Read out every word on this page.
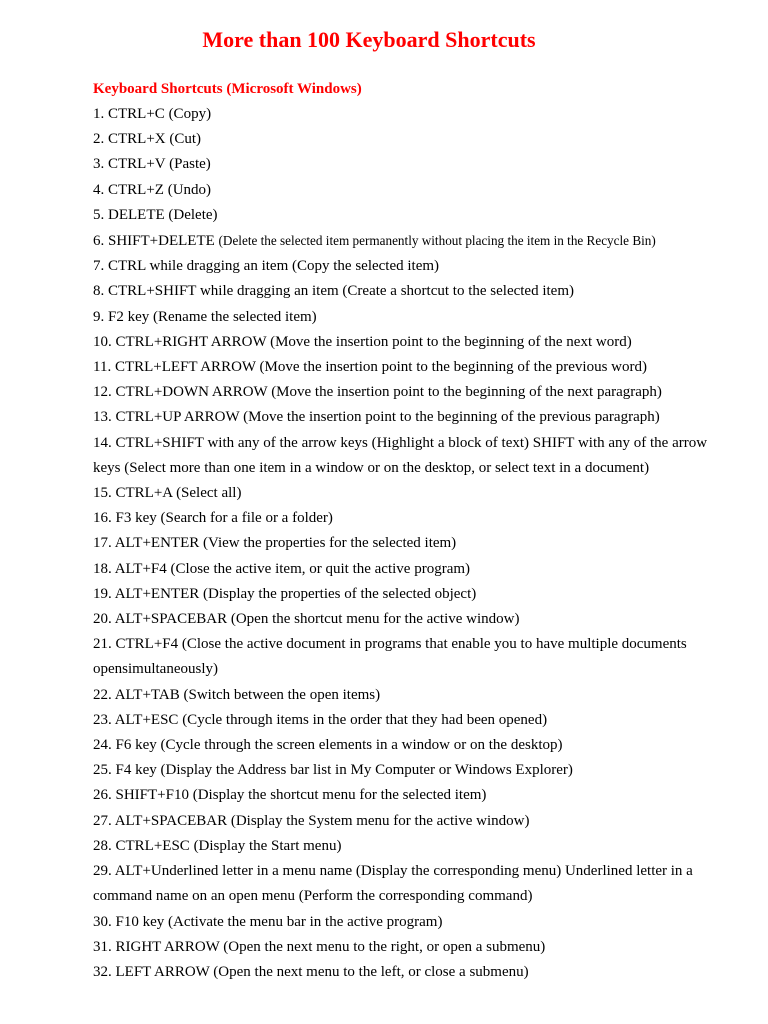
More than 100 Keyboard Shortcuts
Keyboard Shortcuts (Microsoft Windows)
1. CTRL+C (Copy)
2. CTRL+X (Cut)
3. CTRL+V (Paste)
4. CTRL+Z (Undo)
5. DELETE (Delete)
6. SHIFT+DELETE (Delete the selected item permanently without placing the item in the Recycle Bin)
7. CTRL while dragging an item (Copy the selected item)
8. CTRL+SHIFT while dragging an item (Create a shortcut to the selected item)
9. F2 key (Rename the selected item)
10. CTRL+RIGHT ARROW (Move the insertion point to the beginning of the next word)
11. CTRL+LEFT ARROW (Move the insertion point to the beginning of the previous word)
12. CTRL+DOWN ARROW (Move the insertion point to the beginning of the next paragraph)
13. CTRL+UP ARROW (Move the insertion point to the beginning of the previous paragraph)
14. CTRL+SHIFT with any of the arrow keys (Highlight a block of text) SHIFT with any of the arrow keys (Select more than one item in a window or on the desktop, or select text in a document)
15. CTRL+A (Select all)
16. F3 key (Search for a file or a folder)
17. ALT+ENTER (View the properties for the selected item)
18. ALT+F4 (Close the active item, or quit the active program)
19. ALT+ENTER (Display the properties of the selected object)
20. ALT+SPACEBAR (Open the shortcut menu for the active window)
21. CTRL+F4 (Close the active document in programs that enable you to have multiple documents opensimultaneously)
22. ALT+TAB (Switch between the open items)
23. ALT+ESC (Cycle through items in the order that they had been opened)
24. F6 key (Cycle through the screen elements in a window or on the desktop)
25. F4 key (Display the Address bar list in My Computer or Windows Explorer)
26. SHIFT+F10 (Display the shortcut menu for the selected item)
27. ALT+SPACEBAR (Display the System menu for the active window)
28. CTRL+ESC (Display the Start menu)
29. ALT+Underlined letter in a menu name (Display the corresponding menu) Underlined letter in a command name on an open menu (Perform the corresponding command)
30. F10 key (Activate the menu bar in the active program)
31. RIGHT ARROW (Open the next menu to the right, or open a submenu)
32. LEFT ARROW (Open the next menu to the left, or close a submenu)
